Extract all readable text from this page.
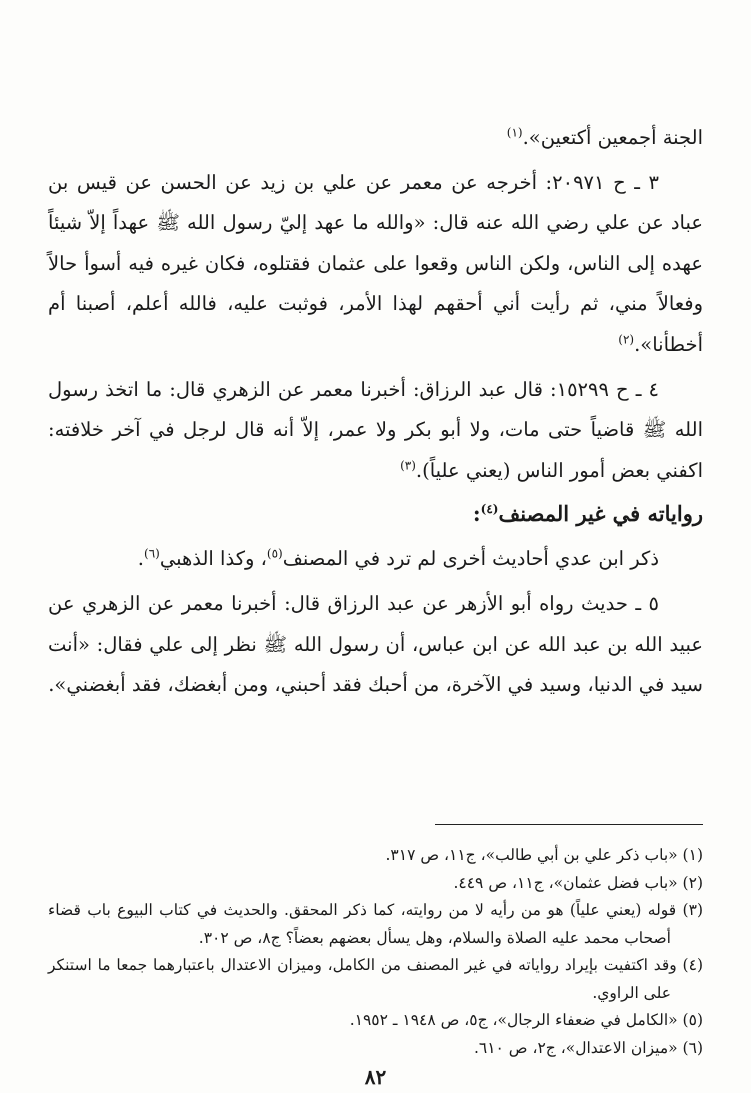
الجنة أجمعين أكتعين».$^{(١)}$

٣ ـ ح ٢٠٩٧١: أخرجه عن معمر عن علي بن زيد عن الحسن عن قيس بن عباد عن علي رضي الله عنه قال: «والله ما عهد إليّ رسول الله ﷺ عهداً إلاّ شيئاً عهده إلى الناس، ولكن الناس وقعوا على عثمان فقتلوه، فكان غيره فيه أسوأ حالاً وفعالاً مني، ثم رأيت أني أحقهم لهذا الأمر، فوثبت عليه، فالله أعلم، أصبنا أم أخطأنا».$^{(٢)}$

٤ ـ ح ١٥٢٩٩: قال عبد الرزاق: أخبرنا معمر عن الزهري قال: ما اتخذ رسول الله ﷺ قاضياً حتى مات، ولا أبو بكر ولا عمر، إلاّ أنه قال لرجل في آخر خلافته: اكفني بعض أمور الناس (يعني علياً).$^{(٣)}$

رواياته في غير المصنف$^{(٤)}$:

ذكر ابن عدي أحاديث أخرى لم ترد في المصنف$^{(٥)}$، وكذا الذهبي$^{(٦)}$.

٥ ـ حديث رواه أبو الأزهر عن عبد الرزاق قال: أخبرنا معمر عن الزهري عن عبيد الله بن عبد الله عن ابن عباس، أن رسول الله ﷺ نظر إلى علي فقال: «أنت سيد في الدنيا، وسيد في الآخرة، من أحبك فقد أحبني، ومن أبغضك، فقد أبغضني».

(١) «باب ذكر علي بن أبي طالب»، ج١١، ص ٣١٧.

(٢) «باب فضل عثمان»، ج١١، ص ٤٤٩.

(٣) قوله (يعني علياً) هو من رأيه لا من روايته، كما ذكر المحقق. والحديث في كتاب البيوع باب قضاء أصحاب محمد عليه الصلاة والسلام، وهل يسأل بعضهم بعضاً؟ ج٨، ص ٣٠٢.

(٤) وقد اكتفيت بإيراد رواياته في غير المصنف من الكامل، وميزان الاعتدال باعتبارهما جمعا ما استنكر على الراوي.

(٥) «الكامل في ضعفاء الرجال»، ج٥، ص ١٩٤٨ ـ ١٩٥٢.

(٦) «ميزان الاعتدال»، ج٢، ص ٦١٠.

٨٢
